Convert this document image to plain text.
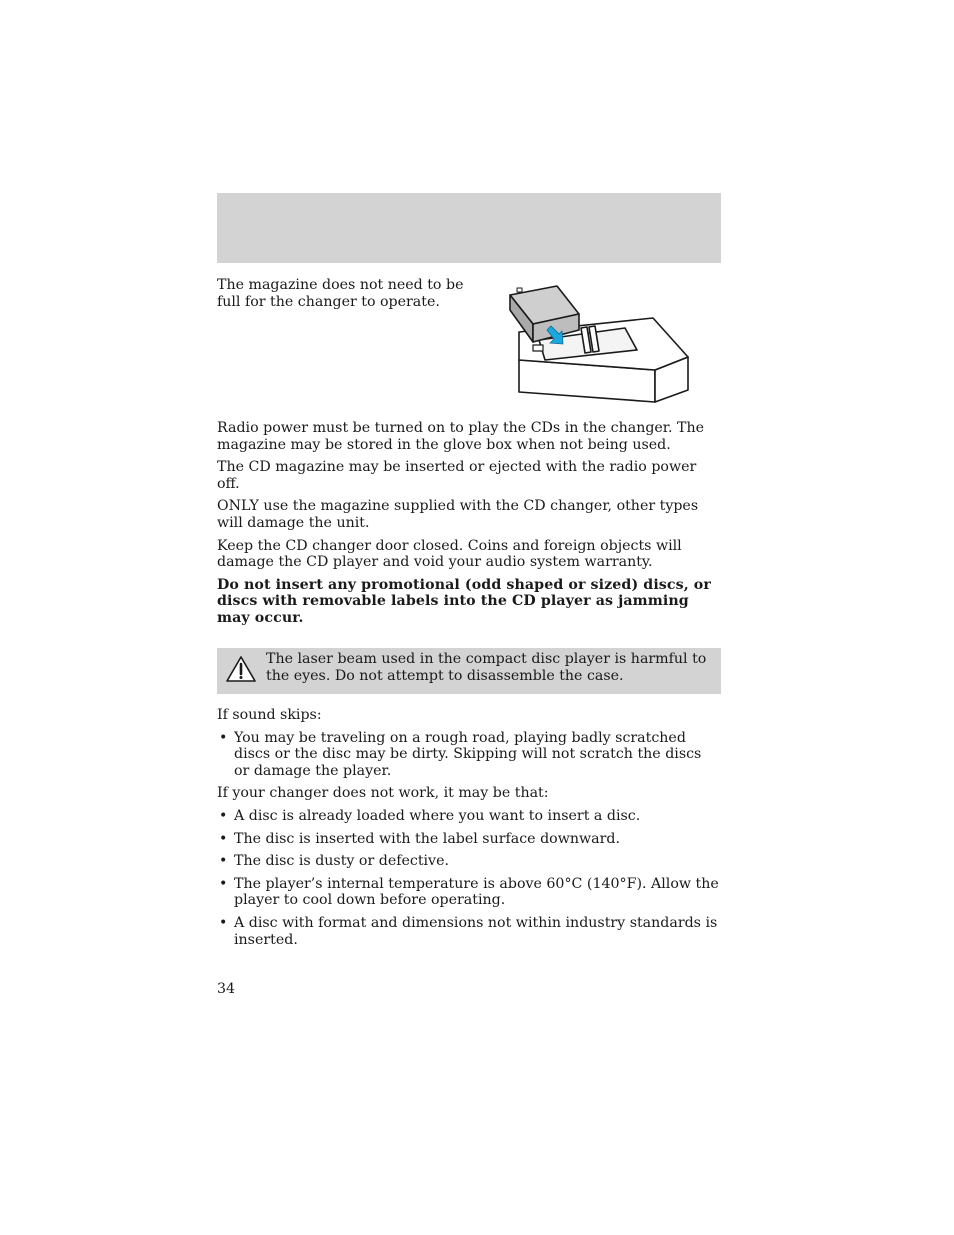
The magazine does not need to be full for the changer to operate.

Radio power must be turned on to play the CDs in the changer. The magazine may be stored in the glove box when not being used.

The CD magazine may be inserted or ejected with the radio power off.

ONLY use the magazine supplied with the CD changer, other types will damage the unit.

Keep the CD changer door closed. Coins and foreign objects will damage the CD player and void your audio system warranty.

Do not insert any promotional (odd shaped or sized) discs, or discs with removable labels into the CD player as jamming may occur.

The laser beam used in the compact disc player is harmful to the eyes. Do not attempt to disassemble the case.

If sound skips:

• You may be traveling on a rough road, playing badly scratched discs or the disc may be dirty. Skipping will not scratch the discs or damage the player.

If your changer does not work, it may be that:

• A disc is already loaded where you want to insert a disc.
• The disc is inserted with the label surface downward.
• The disc is dusty or defective.
• The player’s internal temperature is above 60°C (140°F). Allow the player to cool down before operating.
• A disc with format and dimensions not within industry standards is inserted.
34
